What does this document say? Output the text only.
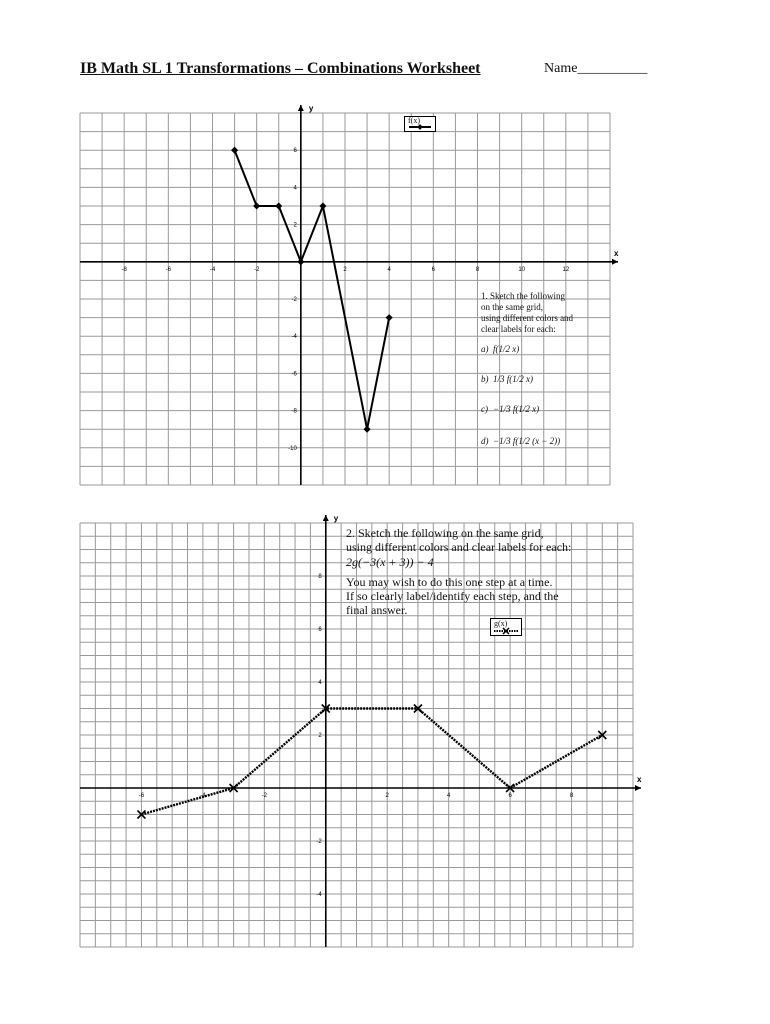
IB Math SL 1 Transformations – Combinations Worksheet	Name__________
x
y
-8	-6	-4	-2	2	4	6	8	10	12
-10
-8
-6
-4
-2
2
4
6
x
y
-6	-4	-2	2	4	6	8
-4
-2
2
4
6
8
f(x)
g(x)
1. Sketch the following
on the same grid,
using different colors and
clear labels for each:
a) f(1/2 x)
b) 1/3 f(1/2 x)
c) −1/3 f(1/2 x)
d) −1/3 f(1/2 (x − 2))
2. Sketch the following on the same grid,
using different colors and clear labels for each:
2g(−3(x + 3)) − 4
You may wish to do this one step at a time.
If so clearly label/identify each step, and the
final answer.
